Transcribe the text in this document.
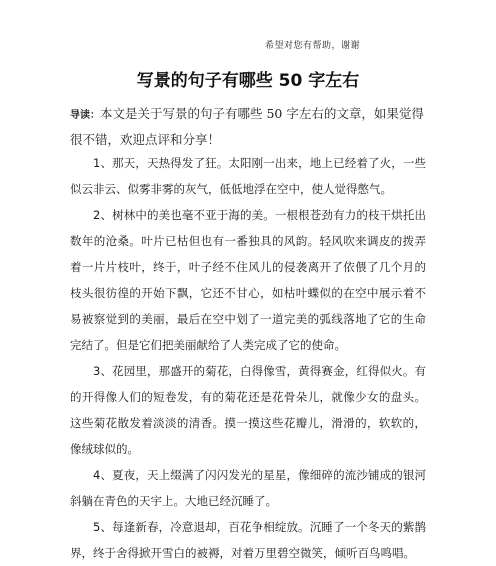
希望对您有帮助，谢谢
写景的句子有哪些 50 字左右
导读：本文是关于写景的句子有哪些 50 字左右的文章，如果觉得很不错，欢迎点评和分享！

1、那天，天热得发了狂。太阳刚一出来，地上已经着了火，一些似云非云、似雾非雾的灰气，低低地浮在空中，使人觉得憋气。

2、树林中的美也毫不亚于海的美。一根根苍劲有力的枝干烘托出数年的沧桑。叶片已枯但也有一番独具的风韵。轻风吹来调皮的拨弄着一片片枝叶，终于，叶子经不住风儿的侵袭离开了依偎了几个月的枝头很彷徨的开始下飘，它还不甘心，如枯叶蝶似的在空中展示着不易被察觉到的美丽，最后在空中划了一道完美的弧线落地了它的生命完结了。但是它们把美丽献给了人类完成了它的使命。

3、花园里，那盛开的菊花，白得像雪，黄得赛金，红得似火。有的开得像人们的短卷发，有的菊花还是花骨朵儿，就像少女的盘头。这些菊花散发着淡淡的清香。摸一摸这些花瓣儿，滑滑的，软软的，像绒球似的。

4、夏夜，天上缀满了闪闪发光的星星，像细碎的流沙铺成的银河斜躺在青色的天宇上。大地已经沉睡了。

5、每逢新春，冷意退却，百花争相绽放。沉睡了一个冬天的紫鹊界，终于舍得掀开雪白的被褥，对着万里碧空微笑，倾听百鸟鸣唱。
